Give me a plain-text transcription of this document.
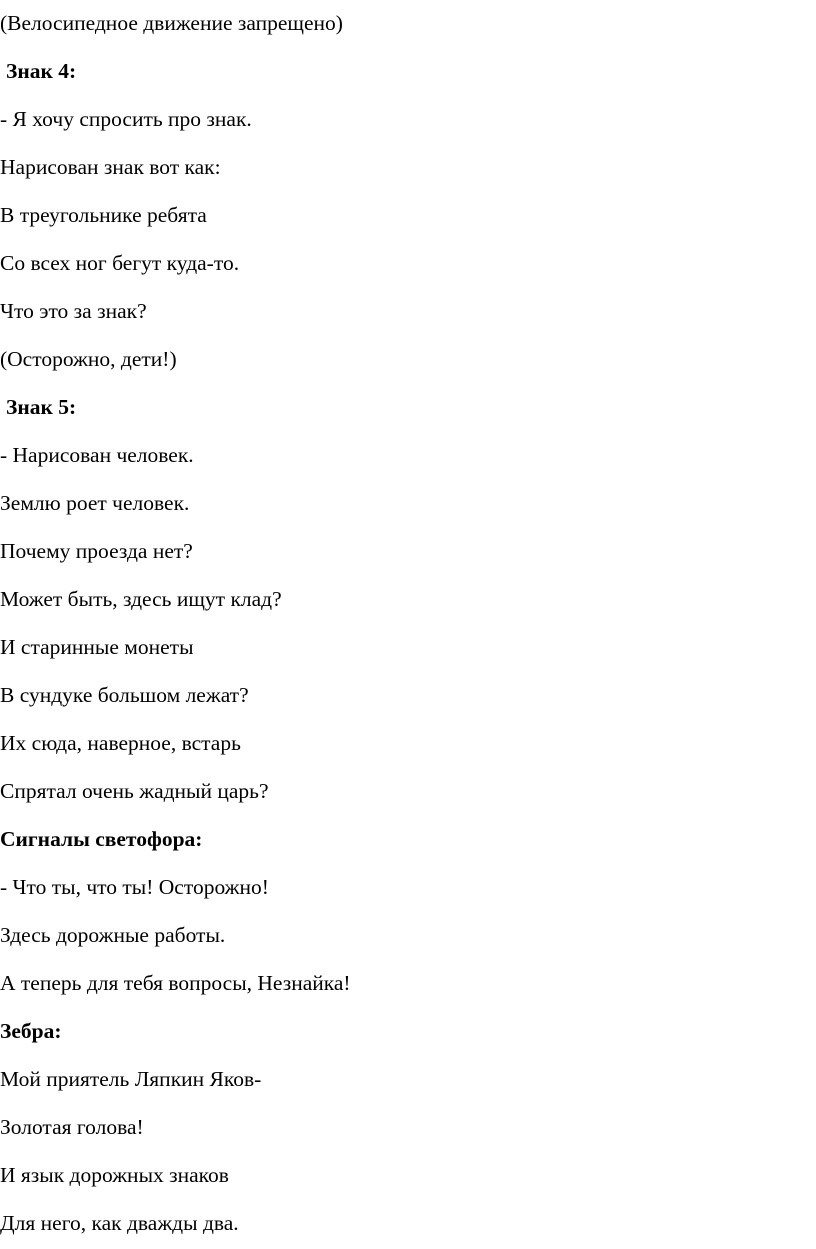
(Велосипедное движение запрещено)

Знак 4:

- Я хочу спросить про знак.

Нарисован знак вот как:

В треугольнике ребята

Со всех ног бегут куда-то.

Что это за знак?

(Осторожно, дети!)

Знак 5:

- Нарисован человек.

Землю роет человек.

Почему проезда нет?

Может быть, здесь ищут клад?

И старинные монеты

В сундуке большом лежат?

Их сюда, наверное, встарь

Спрятал очень жадный царь?

Сигналы светофора:

- Что ты, что ты! Осторожно!

Здесь дорожные работы.

А теперь для тебя вопросы, Незнайка!

Зебра:

Мой приятель Ляпкин Яков-

Золотая голова!

И язык дорожных знаков

Для него, как дважды два.
